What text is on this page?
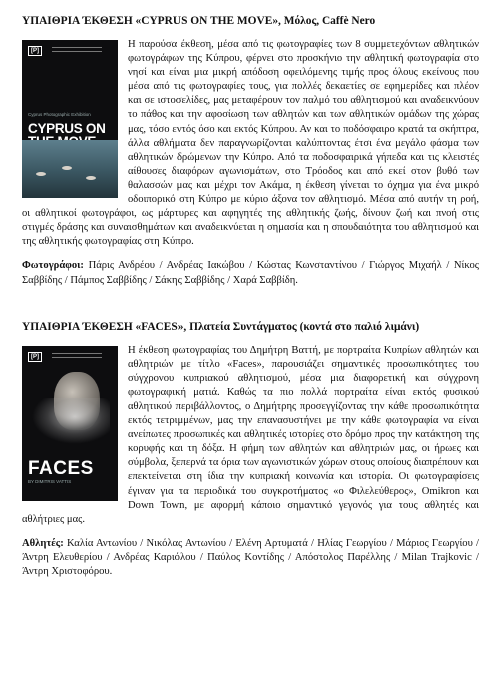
ΥΠΑΙΘΡΙΑ ΈΚΘΕΣΗ «CYPRUS ON THE MOVE», Μόλος, Caffè Nero
[P]
Cyprus Photographic Exhibition
CYPRUS ON

Η παρούσα έκθεση, μέσα από τις φωτογραφίες των 8 συμμετεχόντων αθλητικών φωτογράφων της Κύπρου, φέρνει στο προσκήνιο την αθλητική φωτογραφία στο νησί και είναι μια μικρή απόδοση οφειλόμενης τιμής προς όλους εκείνους που μέσα από τις φωτογραφίες τους, για πολλές δεκαετίες σε εφημερίδες και πλέον και σε ιστοσελίδες, μας μεταφέρουν τον παλμό του αθλητισμού και αναδεικνύουν το πάθος και την αφοσίωση των αθλητών και των αθλητικών ομάδων της χώρας μας, τόσο εντός όσο και εκτός Κύπρου. Αν και το ποδόσφαιρο κρατά τα σκήπτρα, άλλα αθλήματα δεν παραγνωρίζονται καλύπτοντας έτσι ένα μεγάλο φάσμα των αθλητικών δρώμενων την Κύπρο. Από τα ποδοσφαιρικά γήπεδα και τις κλειστές αίθουσες διαφόρων αγωνισμάτων, στο Τρόοδος και από εκεί στον βυθό των θαλασσών μας και μέχρι τον Ακάμα, η έκθεση γίνεται το όχημα για ένα μικρό οδοιπορικό στη Κύπρο με κύριο άξονα τον αθλητισμό. Μέσα από αυτήν τη ροή, οι αθλητικοί φωτογράφοι, ως μάρτυρες και αφηγητές της αθλητικής ζωής, δίνουν ζωή και πνοή στις στιγμές δράσης και συναισθημάτων και αναδεικνύεται η σημασία και η σπουδαιότητα του αθλητισμού και της αθλητικής φωτογραφίας στη Κύπρο.
Φωτογράφοι: Πάρις Ανδρέου / Ανδρέας Ιακώβου / Κώστας Κωνσταντίνου / Γιώργος Μιχαήλ / Νίκος Σαββίδης / Πάμπος Σαββίδης / Σάκης Σαββίδης / Χαρά Σαββίδη.
ΥΠΑΙΘΡΙΑ ΈΚΘΕΣΗ «FACES», Πλατεία Συντάγματος (κοντά στο παλιό λιμάνι)
[P]
FACES
BY DIMITRIS VATTIS
Η έκθεση φωτογραφίας του Δημήτρη Βαττή, με πορτραίτα Κυπρίων αθλητών και αθλητριών με τίτλο «Faces», παρουσιάζει σημαντικές προσωπικότητες του σύγχρονου κυπριακού αθλητισμού, μέσα μια διαφορετική και σύγχρονη φωτογραφική ματιά. Καθώς τα πιο πολλά πορτραίτα είναι εκτός φυσικού αθλητικού περιβάλλοντος, ο Δημήτρης προσεγγίζοντας την κάθε προσωπικότητα εκτός τετριμμένων, μας την επανασυστήνει με την κάθε φωτογραφία να είναι ανείπωτες προσωπικές και αθλητικές ιστορίες στο δρόμο προς την κατάκτηση της κορυφής και τη δόξα. Η φήμη των αθλητών και αθλητριών μας, οι ήρωες και σύμβολα, ξεπερνά τα όρια των αγωνιστικών χώρων στους οποίους διαπρέπουν και επεκτείνεται στη ίδια την κυπριακή κοινωνία και ιστορία. Οι φωτογραφίσεις έγιναν για τα περιοδικά του συγκροτήματος «ο Φιλελεύθερος», Omikron και Down Town, με αφορμή κάποιο σημαντικό γεγονός για τους αθλητές και αθλήτριες μας.
Αθλητές: Καλία Αντωνίου / Νικόλας Αντωνίου / Ελένη Αρτυματά / Ηλίας Γεωργίου / Μάριος Γεωργίου / Άντρη Ελευθερίου / Ανδρέας Καριόλου / Παύλος Κοντίδης / Απόστολος Παρέλλης / Milan Trajkovic / Άντρη Χριστοφόρου.
